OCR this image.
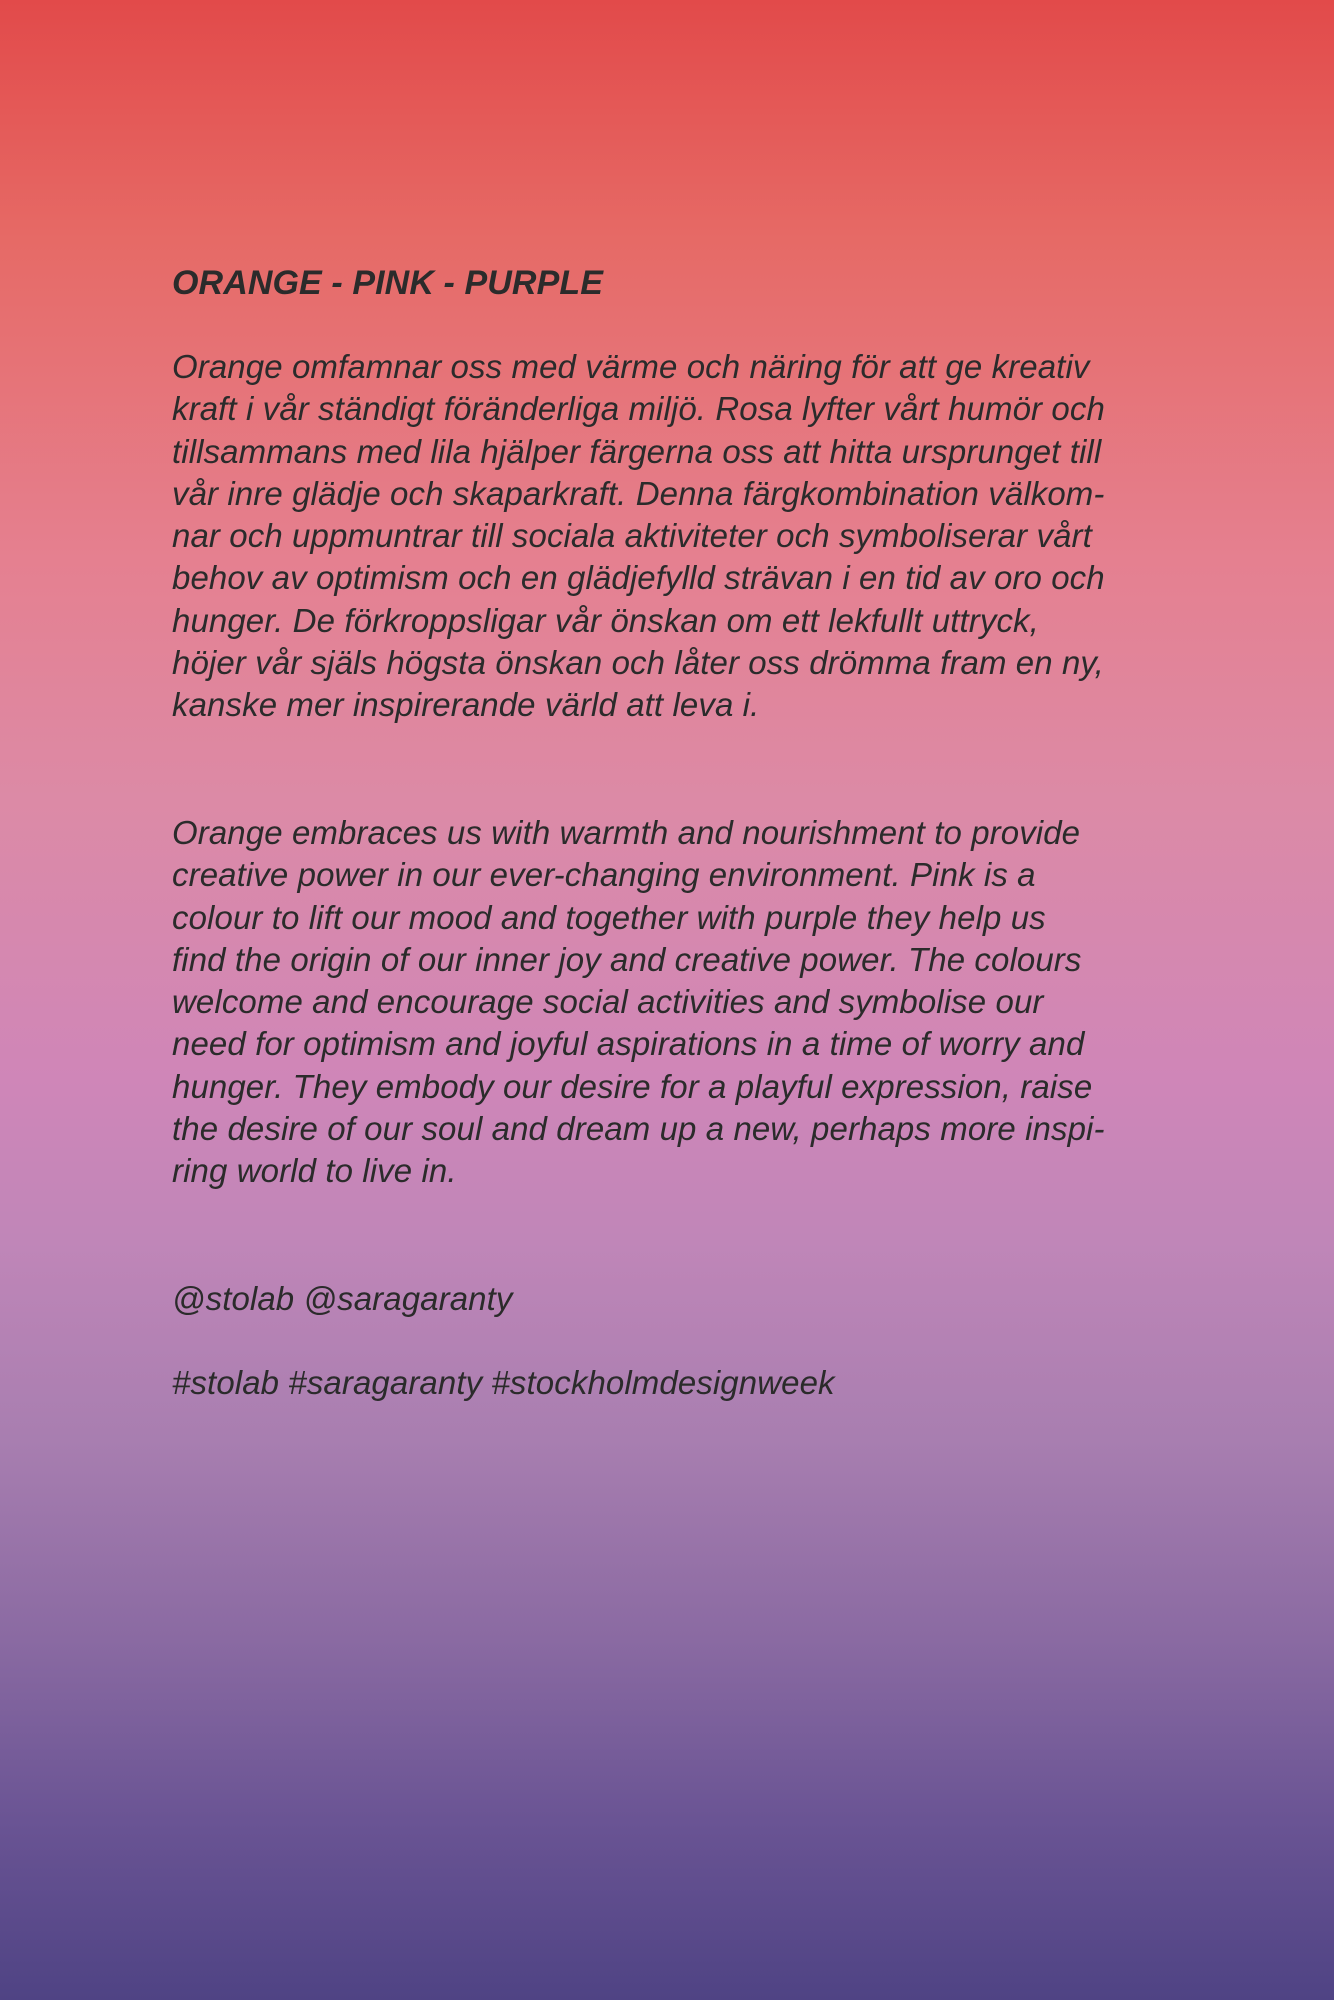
ORANGE - PINK - PURPLE

Orange omfamnar oss med värme och näring för att ge kreativ
kraft i vår ständigt föränderliga miljö. Rosa lyfter vårt humör och
tillsammans med lila hjälper färgerna oss att hitta ursprunget till
vår inre glädje och skaparkraft. Denna färgkombination välkom-
nar och uppmuntrar till sociala aktiviteter och symboliserar vårt
behov av optimism och en glädjefylld strävan i en tid av oro och
hunger. De förkroppsligar vår önskan om ett lekfullt uttryck,
höjer vår själs högsta önskan och låter oss drömma fram en ny,
kanske mer inspirerande värld att leva i.

Orange embraces us with warmth and nourishment to provide
creative power in our ever-changing environment. Pink is a
colour to lift our mood and together with purple they help us
find the origin of our inner joy and creative power. The colours
welcome and encourage social activities and symbolise our
need for optimism and joyful aspirations in a time of worry and
hunger. They embody our desire for a playful expression, raise
the desire of our soul and dream up a new, perhaps more inspi-
ring world to live in.

@stolab @saragaranty

#stolab #saragaranty #stockholmdesignweek
